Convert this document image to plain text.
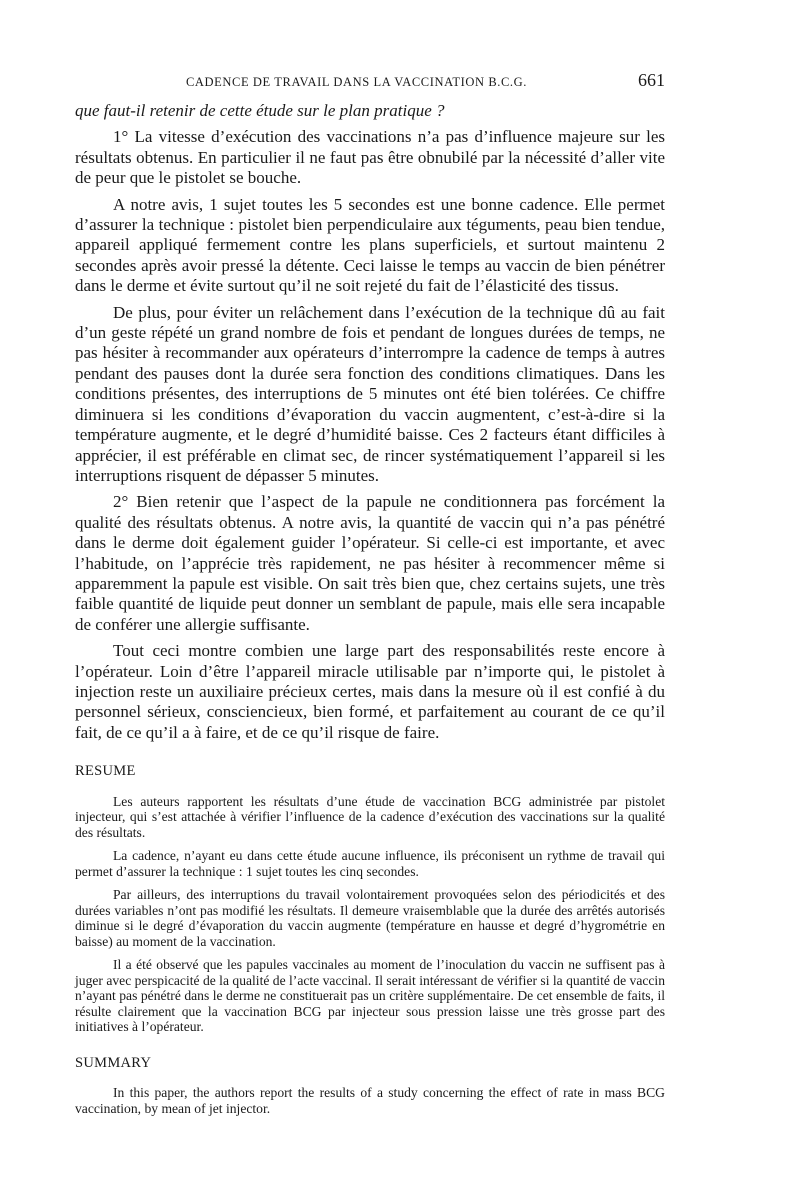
CADENCE DE TRAVAIL DANS LA VACCINATION B.C.G.	661

que faut-il retenir de cette étude sur le plan pratique ?

1° La vitesse d’exécution des vaccinations n’a pas d’influence majeure sur les résultats obtenus. En particulier il ne faut pas être obnubilé par la nécessité d’aller vite de peur que le pistolet se bouche.

A notre avis, 1 sujet toutes les 5 secondes est une bonne cadence. Elle permet d’assurer la technique : pistolet bien perpendiculaire aux téguments, peau bien tendue, appareil appliqué fermement contre les plans superficiels, et surtout maintenu 2 secondes après avoir pressé la détente. Ceci laisse le temps au vaccin de bien pénétrer dans le derme et évite surtout qu’il ne soit rejeté du fait de l’élasticité des tissus.

De plus, pour éviter un relâchement dans l’exécution de la technique dû au fait d’un geste répété un grand nombre de fois et pendant de longues durées de temps, ne pas hésiter à recommander aux opérateurs d’interrompre la cadence de temps à autres pendant des pauses dont la durée sera fonction des conditions climatiques. Dans les conditions présentes, des interruptions de 5 minutes ont été bien tolérées. Ce chiffre diminuera si les conditions d’évaporation du vaccin augmentent, c’est-à-dire si la température augmente, et le degré d’humidité baisse. Ces 2 facteurs étant difficiles à apprécier, il est préférable en climat sec, de rincer systématiquement l’appareil si les interruptions risquent de dépasser 5 minutes.

2° Bien retenir que l’aspect de la papule ne conditionnera pas forcément la qualité des résultats obtenus. A notre avis, la quantité de vaccin qui n’a pas pénétré dans le derme doit également guider l’opérateur. Si celle-ci est importante, et avec l’habitude, on l’apprécie très rapidement, ne pas hésiter à recommencer même si apparemment la papule est visible. On sait très bien que, chez certains sujets, une très faible quantité de liquide peut donner un semblant de papule, mais elle sera incapable de conférer une allergie suffisante.

Tout ceci montre combien une large part des responsabilités reste encore à l’opérateur. Loin d’être l’appareil miracle utilisable par n’importe qui, le pistolet à injection reste un auxiliaire précieux certes, mais dans la mesure où il est confié à du personnel sérieux, consciencieux, bien formé, et parfaitement au courant de ce qu’il fait, de ce qu’il a à faire, et de ce qu’il risque de faire.

RESUME

Les auteurs rapportent les résultats d’une étude de vaccination BCG administrée par pistolet injecteur, qui s’est attachée à vérifier l’influence de la cadence d’exécution des vaccinations sur la qualité des résultats.

La cadence, n’ayant eu dans cette étude aucune influence, ils préconisent un rythme de travail qui permet d’assurer la technique : 1 sujet toutes les cinq secondes.

Par ailleurs, des interruptions du travail volontairement provoquées selon des périodicités et des durées variables n’ont pas modifié les résultats. Il demeure vraisemblable que la durée des arrêtés autorisés diminue si le degré d’évaporation du vaccin augmente (température en hausse et degré d’hygrométrie en baisse) au moment de la vaccination.

Il a été observé que les papules vaccinales au moment de l’inoculation du vaccin ne suffisent pas à juger avec perspicacité de la qualité de l’acte vaccinal. Il serait intéressant de vérifier si la quantité de vaccin n’ayant pas pénétré dans le derme ne constituerait pas un critère supplémentaire. De cet ensemble de faits, il résulte clairement que la vaccination BCG par injecteur sous pression laisse une très grosse part des initiatives à l’opérateur.

SUMMARY

In this paper, the authors report the results of a study concerning the effect of rate in mass BCG vaccination, by mean of jet injector.
